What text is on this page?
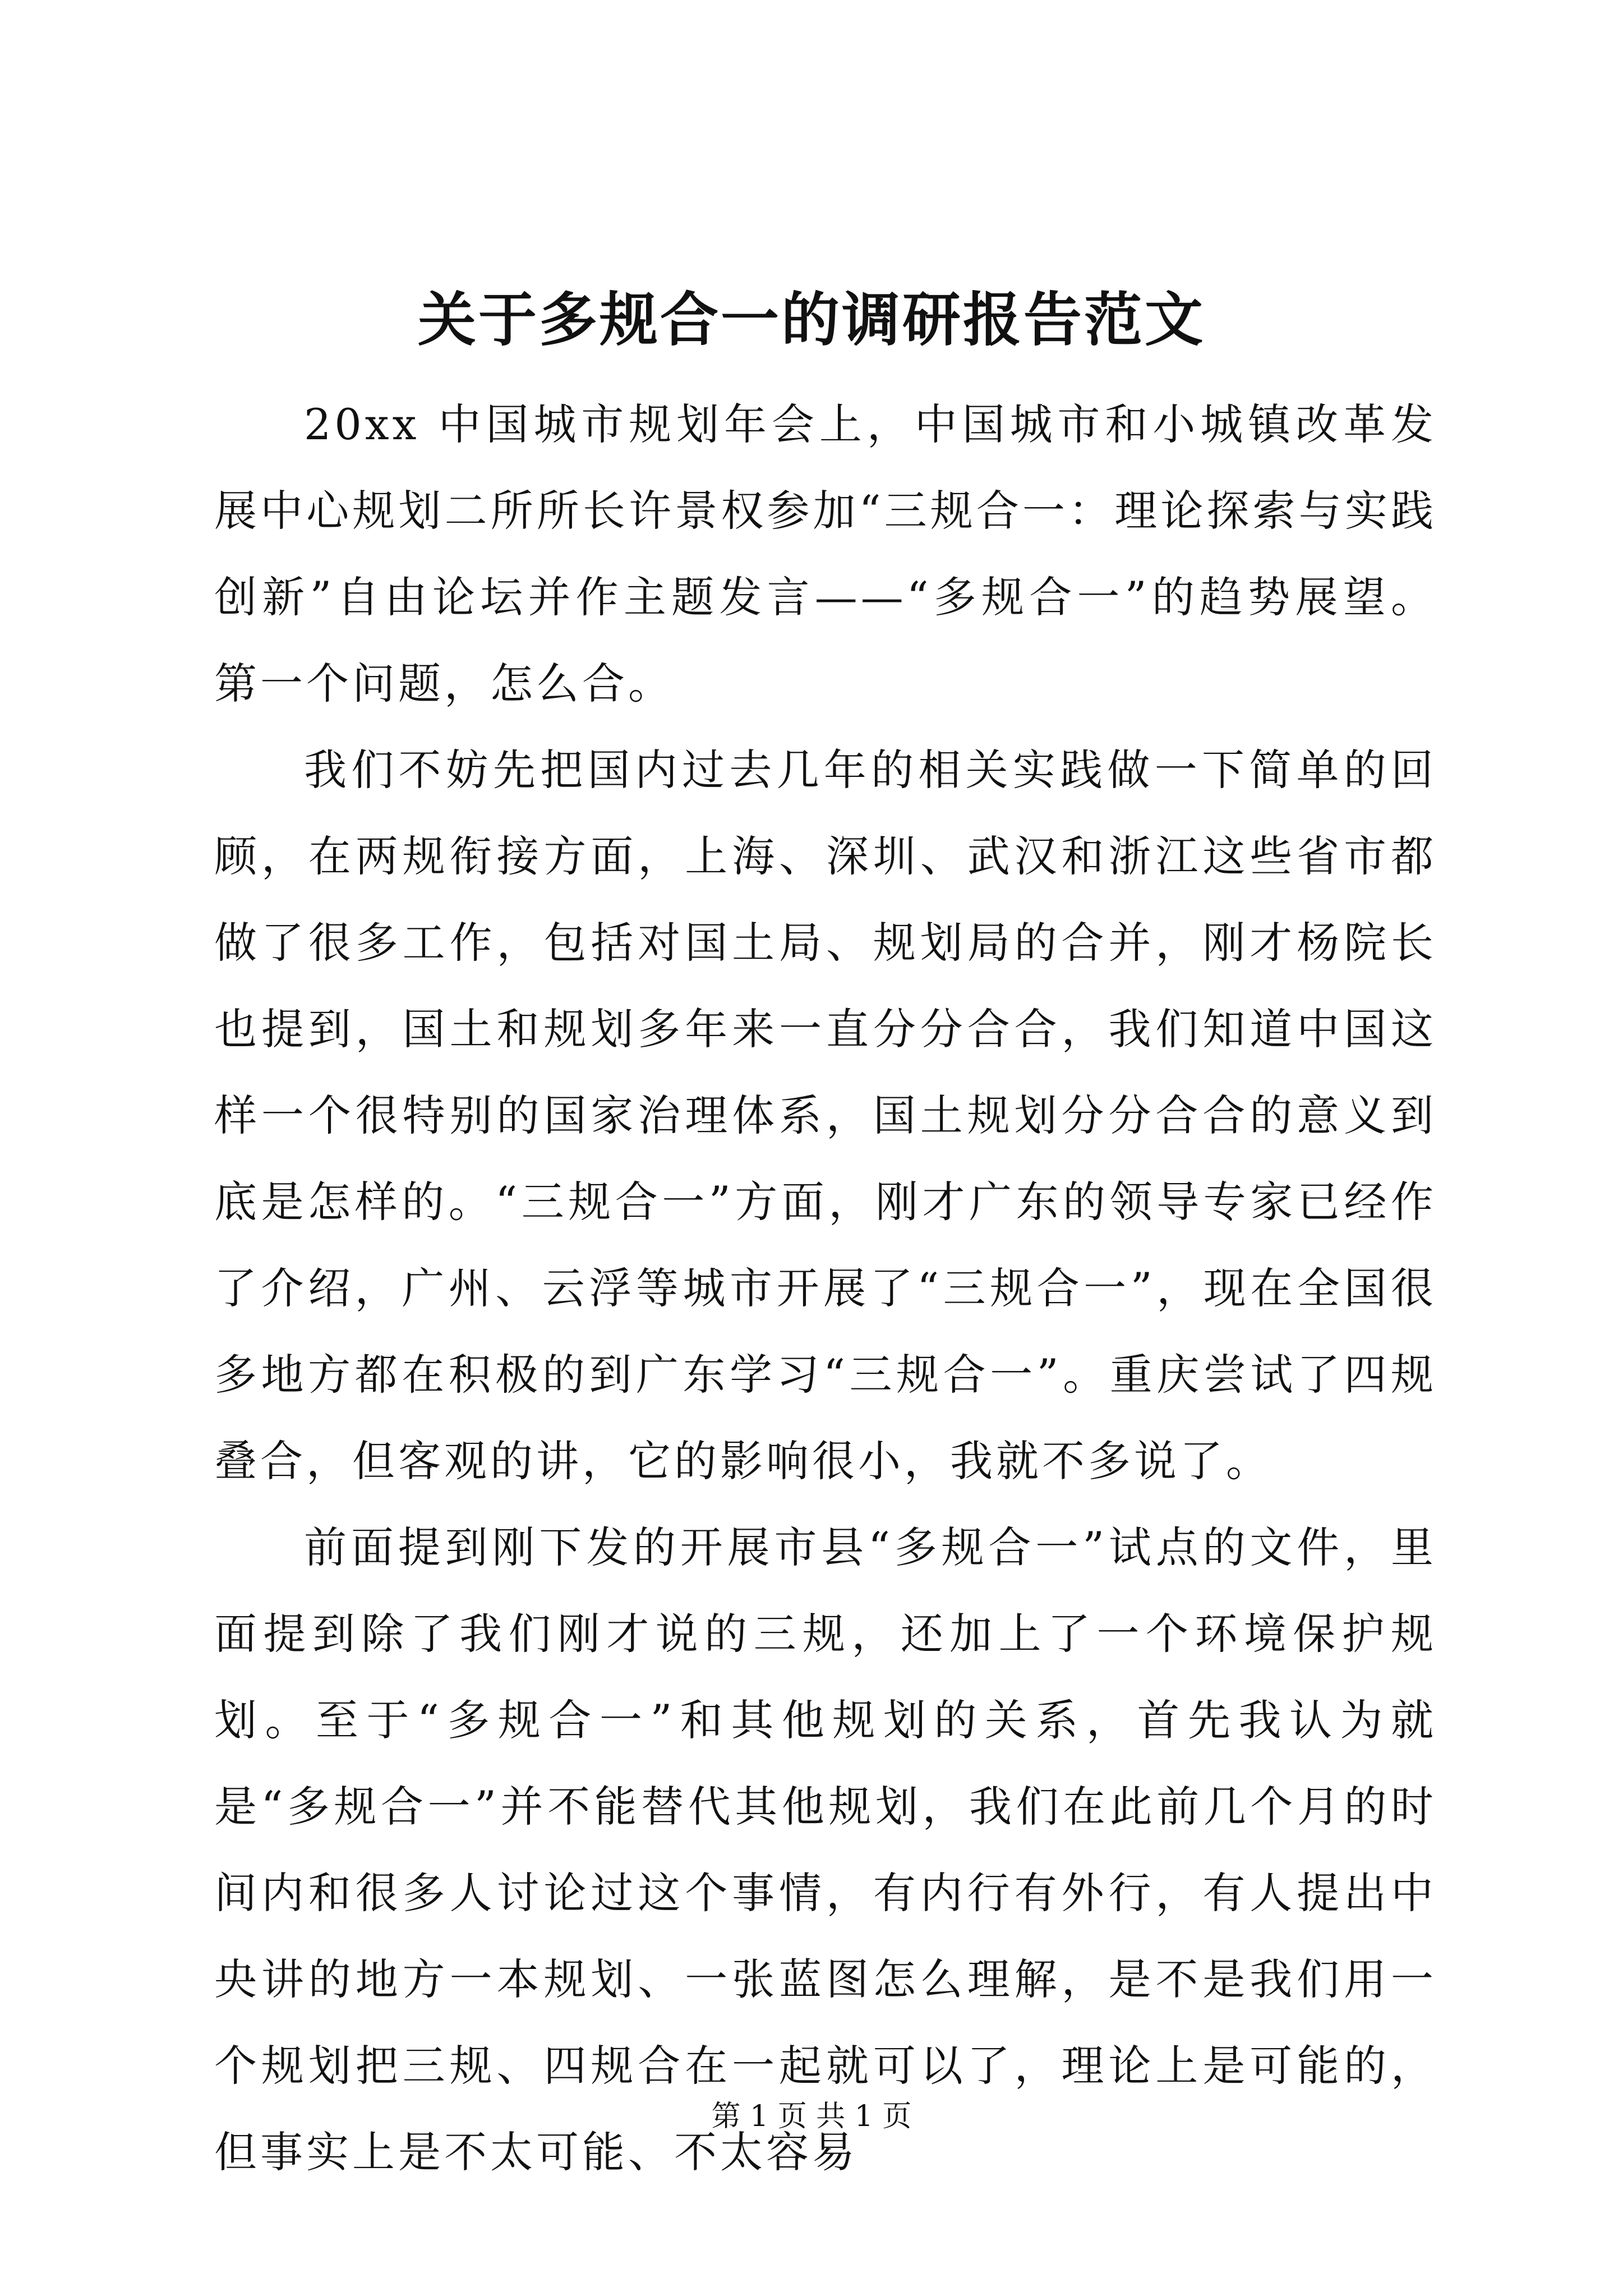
关于多规合一的调研报告范文

20xx 中国城市规划年会上，中国城市和小城镇改革发展中心规划二所所长许景权参加“三规合一：理论探索与实践创新”自由论坛并作主题发言——“多规合一”的趋势展望。第一个问题，怎么合。

我们不妨先把国内过去几年的相关实践做一下简单的回顾，在两规衔接方面，上海、深圳、武汉和浙江这些省市都做了很多工作，包括对国土局、规划局的合并，刚才杨院长也提到，国土和规划多年来一直分分合合，我们知道中国这样一个很特别的国家治理体系，国土规划分分合合的意义到底是怎样的。“三规合一”方面，刚才广东的领导专家已经作了介绍，广州、云浮等城市开展了“三规合一”，现在全国很多地方都在积极的到广东学习“三规合一”。重庆尝试了四规叠合，但客观的讲，它的影响很小，我就不多说了。

前面提到刚下发的开展市县“多规合一”试点的文件，里面提到除了我们刚才说的三规，还加上了一个环境保护规划。至于“多规合一”和其他规划的关系，首先我认为就是“多规合一”并不能替代其他规划，我们在此前几个月的时间内和很多人讨论过这个事情，有内行有外行，有人提出中央讲的地方一本规划、一张蓝图怎么理解，是不是我们用一个规划把三规、四规合在一起就可以了，理论上是可能的，但事实上是不太可能、不太容易

第 1 页 共 1 页
